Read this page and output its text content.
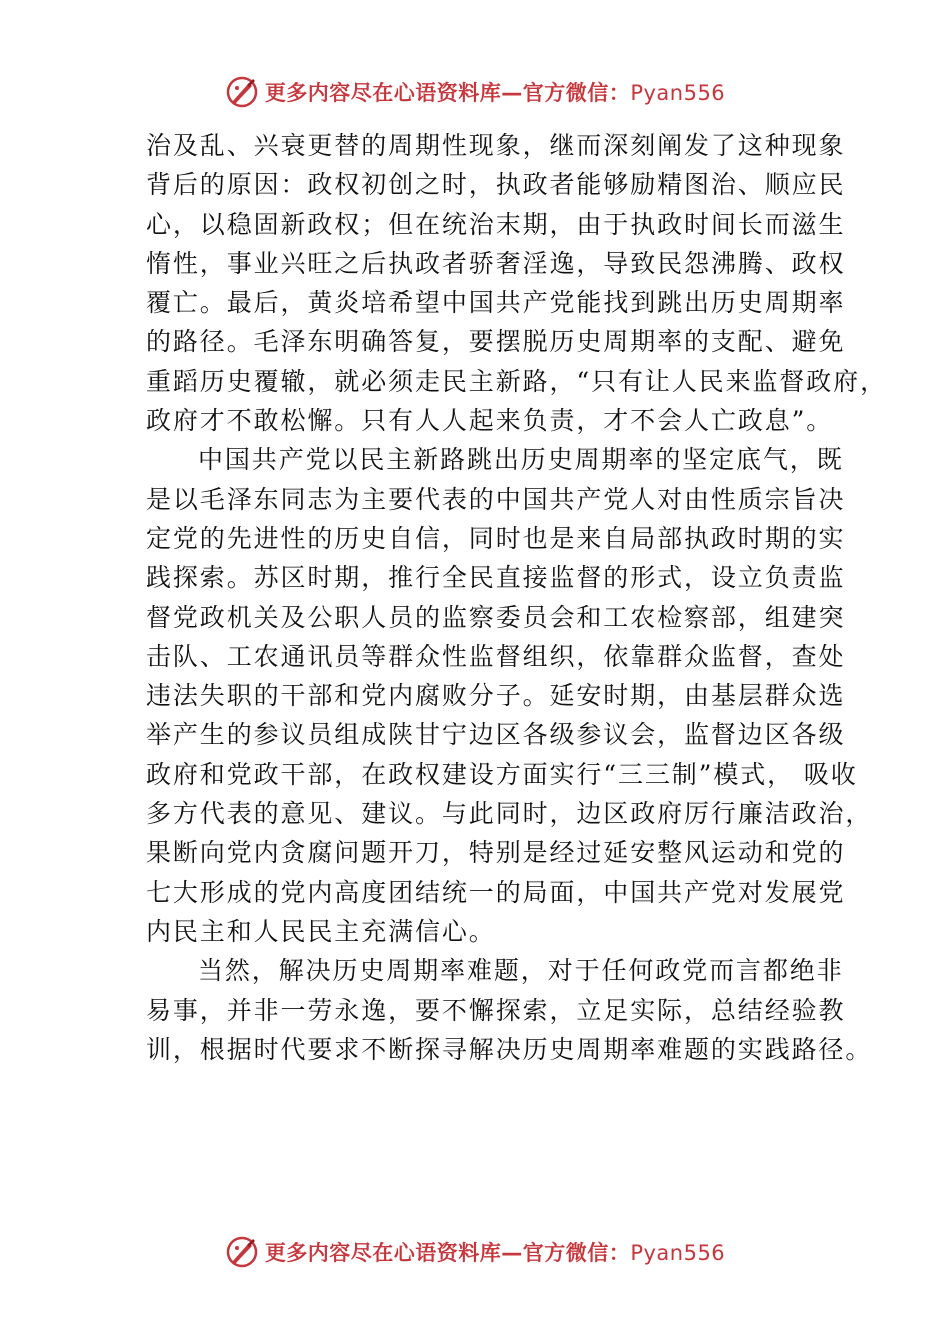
更多内容尽在心语资料库—官方微信：Pyan556
治及乱、兴衰更替的周期性现象，继而深刻阐发了这种现象
背后的原因：政权初创之时，执政者能够励精图治、顺应民
心，以稳固新政权；但在统治末期，由于执政时间长而滋生
惰性，事业兴旺之后执政者骄奢淫逸，导致民怨沸腾、政权
覆亡。最后，黄炎培希望中国共产党能找到跳出历史周期率
的路径。毛泽东明确答复，要摆脱历史周期率的支配、避免
重蹈历史覆辙，就必须走民主新路，“只有让人民来监督政府，
政府才不敢松懈。只有人人起来负责，才不会人亡政息”。
中国共产党以民主新路跳出历史周期率的坚定底气，既
是以毛泽东同志为主要代表的中国共产党人对由性质宗旨决
定党的先进性的历史自信，同时也是来自局部执政时期的实
践探索。苏区时期，推行全民直接监督的形式，设立负责监
督党政机关及公职人员的监察委员会和工农检察部，组建突
击队、工农通讯员等群众性监督组织，依靠群众监督，查处
违法失职的干部和党内腐败分子。延安时期，由基层群众选
举产生的参议员组成陕甘宁边区各级参议会，监督边区各级
政府和党政干部，在政权建设方面实行“三三制”模式， 吸收
多方代表的意见、建议。与此同时，边区政府厉行廉洁政治，
果断向党内贪腐问题开刀，特别是经过延安整风运动和党的
七大形成的党内高度团结统一的局面，中国共产党对发展党
内民主和人民民主充满信心。
当然，解决历史周期率难题，对于任何政党而言都绝非
易事，并非一劳永逸，要不懈探索，立足实际，总结经验教
训，根据时代要求不断探寻解决历史周期率难题的实践路径。
更多内容尽在心语资料库—官方微信：Pyan556
